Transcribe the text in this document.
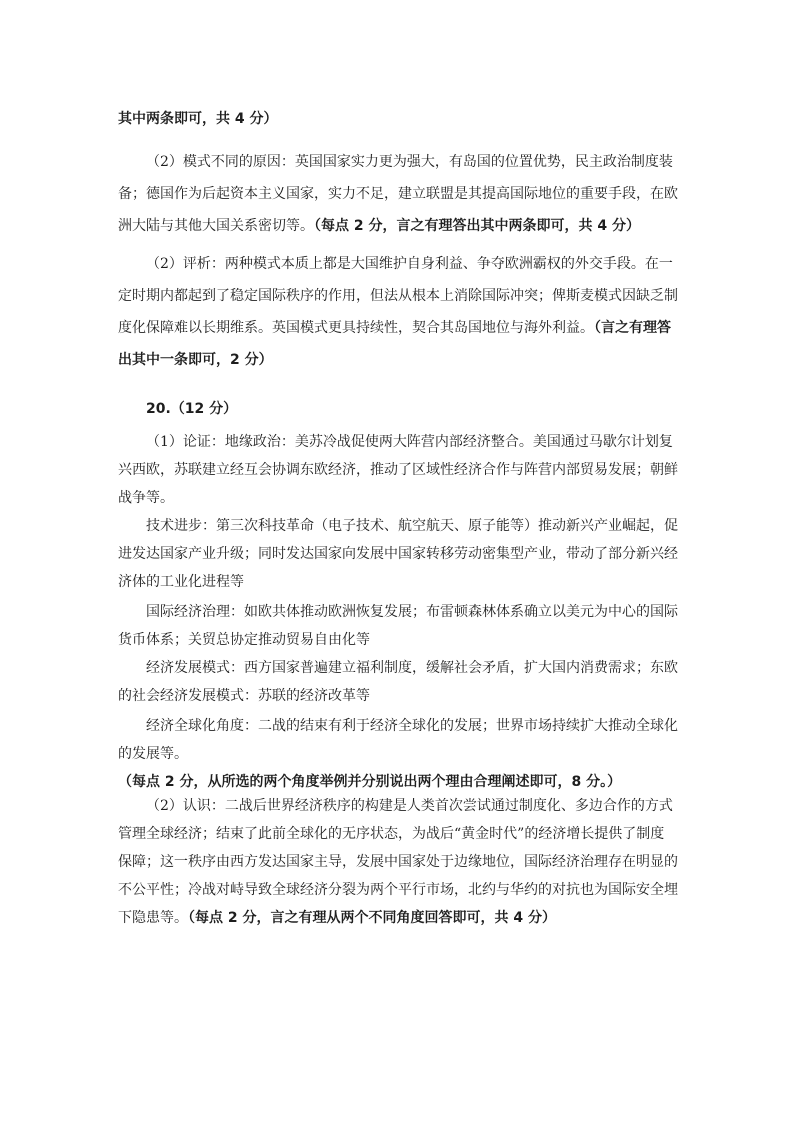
其中两条即可，共 4 分）

（2）模式不同的原因：英国国家实力更为强大，有岛国的位置优势，民主政治制度装备；德国作为后起资本主义国家，实力不足，建立联盟是其提高国际地位的重要手段，在欧洲大陆与其他大国关系密切等。（每点 2 分，言之有理答出其中两条即可，共 4 分）

（2）评析：两种模式本质上都是大国维护自身利益、争夺欧洲霸权的外交手段。在一定时期内都起到了稳定国际秩序的作用，但法从根本上消除国际冲突；俾斯麦模式因缺乏制度化保障难以长期维系。英国模式更具持续性，契合其岛国地位与海外利益。（言之有理答出其中一条即可，2 分）

20.（12 分）

（1）论证：地缘政治：美苏冷战促使两大阵营内部经济整合。美国通过马歇尔计划复兴西欧，苏联建立经互会协调东欧经济，推动了区域性经济合作与阵营内部贸易发展；朝鲜战争等。

技术进步：第三次科技革命（电子技术、航空航天、原子能等）推动新兴产业崛起，促进发达国家产业升级；同时发达国家向发展中国家转移劳动密集型产业，带动了部分新兴经济体的工业化进程等

国际经济治理：如欧共体推动欧洲恢复发展；布雷顿森林体系确立以美元为中心的国际货币体系；关贸总协定推动贸易自由化等

经济发展模式：西方国家普遍建立福利制度，缓解社会矛盾，扩大国内消费需求；东欧的社会经济发展模式：苏联的经济改革等

经济全球化角度：二战的结束有利于经济全球化的发展；世界市场持续扩大推动全球化的发展等。（每点 2 分，从所选的两个角度举例并分别说出两个理由合理阐述即可，8 分。）

（2）认识：二战后世界经济秩序的构建是人类首次尝试通过制度化、多边合作的方式管理全球经济；结束了此前全球化的无序状态，为战后“黄金时代”的经济增长提供了制度保障；这一秩序由西方发达国家主导，发展中国家处于边缘地位，国际经济治理存在明显的不公平性；冷战对峙导致全球经济分裂为两个平行市场，北约与华约的对抗也为国际安全埋下隐患等。（每点 2 分，言之有理从两个不同角度回答即可，共 4 分）
